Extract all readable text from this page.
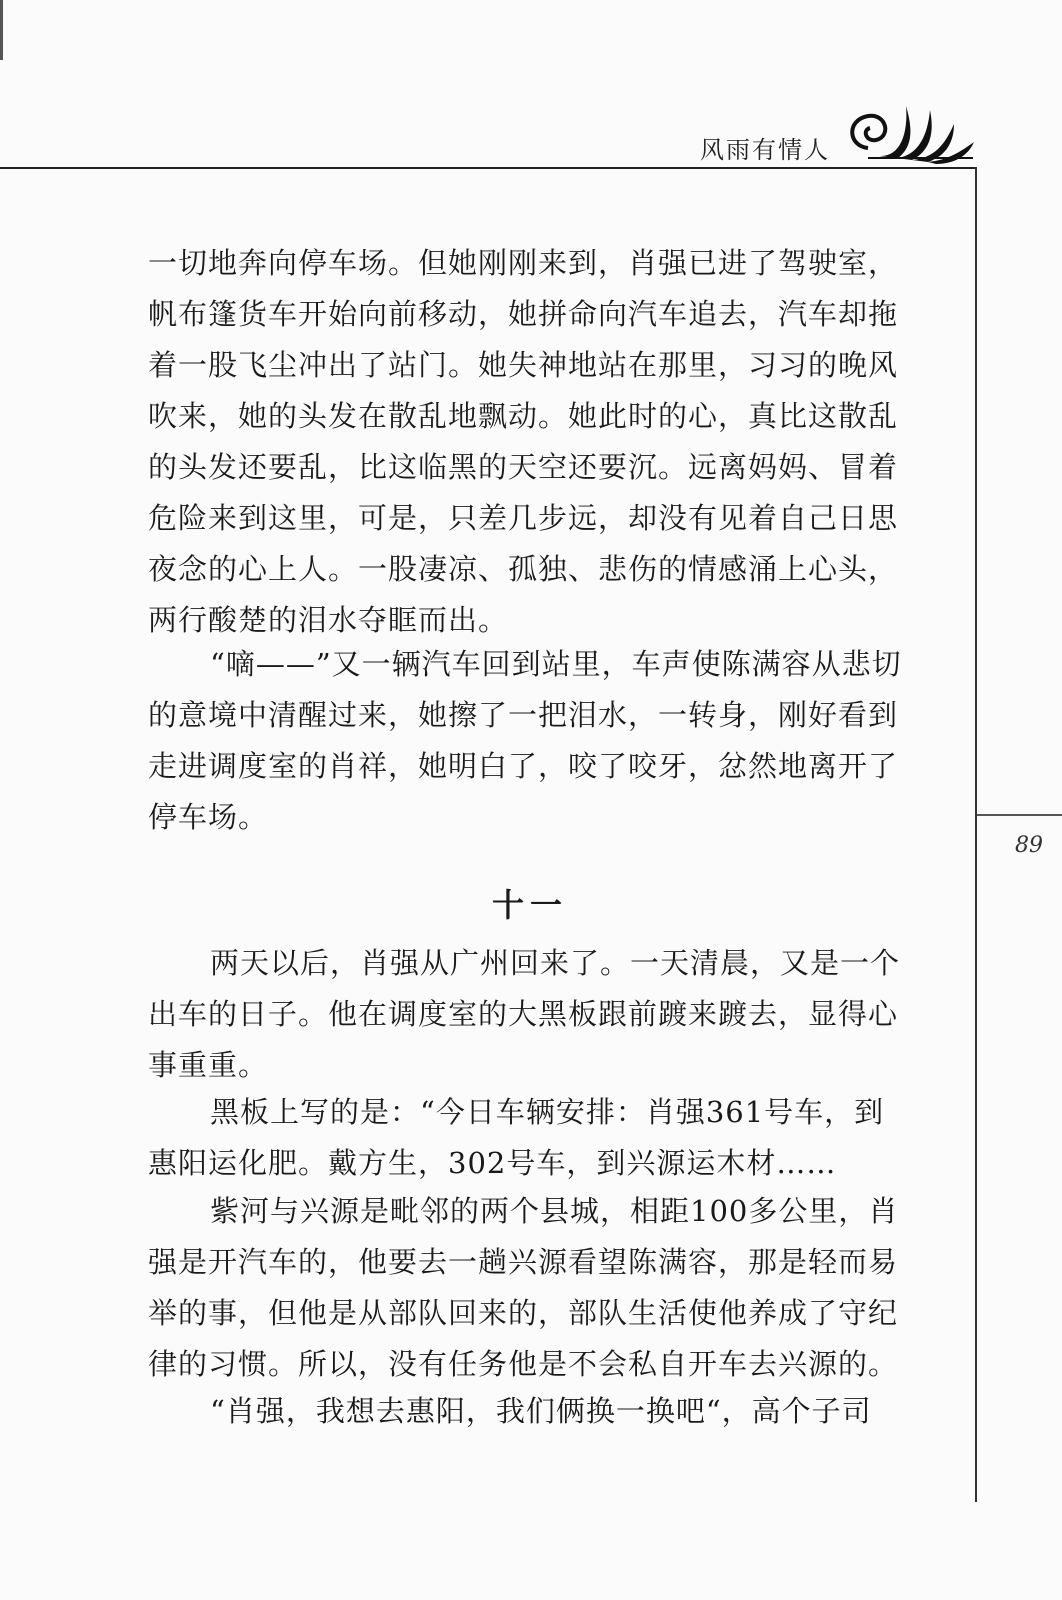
风雨有情人
89

一切地奔向停车场。但她刚刚来到，肖强已进了驾驶室，帆布篷货车开始向前移动，她拼命向汽车追去，汽车却拖着一股飞尘冲出了站门。她失神地站在那里，习习的晚风吹来，她的头发在散乱地飘动。她此时的心，真比这散乱的头发还要乱，比这临黑的天空还要沉。远离妈妈、冒着危险来到这里，可是，只差几步远，却没有见着自己日思夜念的心上人。一股凄凉、孤独、悲伤的情感涌上心头，两行酸楚的泪水夺眶而出。

“嘀——”又一辆汽车回到站里，车声使陈满容从悲切的意境中清醒过来，她擦了一把泪水，一转身，刚好看到走进调度室的肖祥，她明白了，咬了咬牙，忿然地离开了停车场。

十一

两天以后，肖强从广州回来了。一天清晨，又是一个出车的日子。他在调度室的大黑板跟前踱来踱去，显得心事重重。

黑板上写的是：“今日车辆安排：肖强361号车，到惠阳运化肥。戴方生，302号车，到兴源运木材……

紫河与兴源是毗邻的两个县城，相距100多公里，肖强是开汽车的，他要去一趟兴源看望陈满容，那是轻而易举的事，但他是从部队回来的，部队生活使他养成了守纪律的习惯。所以，没有任务他是不会私自开车去兴源的。

“肖强，我想去惠阳，我们俩换一换吧“，高个子司
